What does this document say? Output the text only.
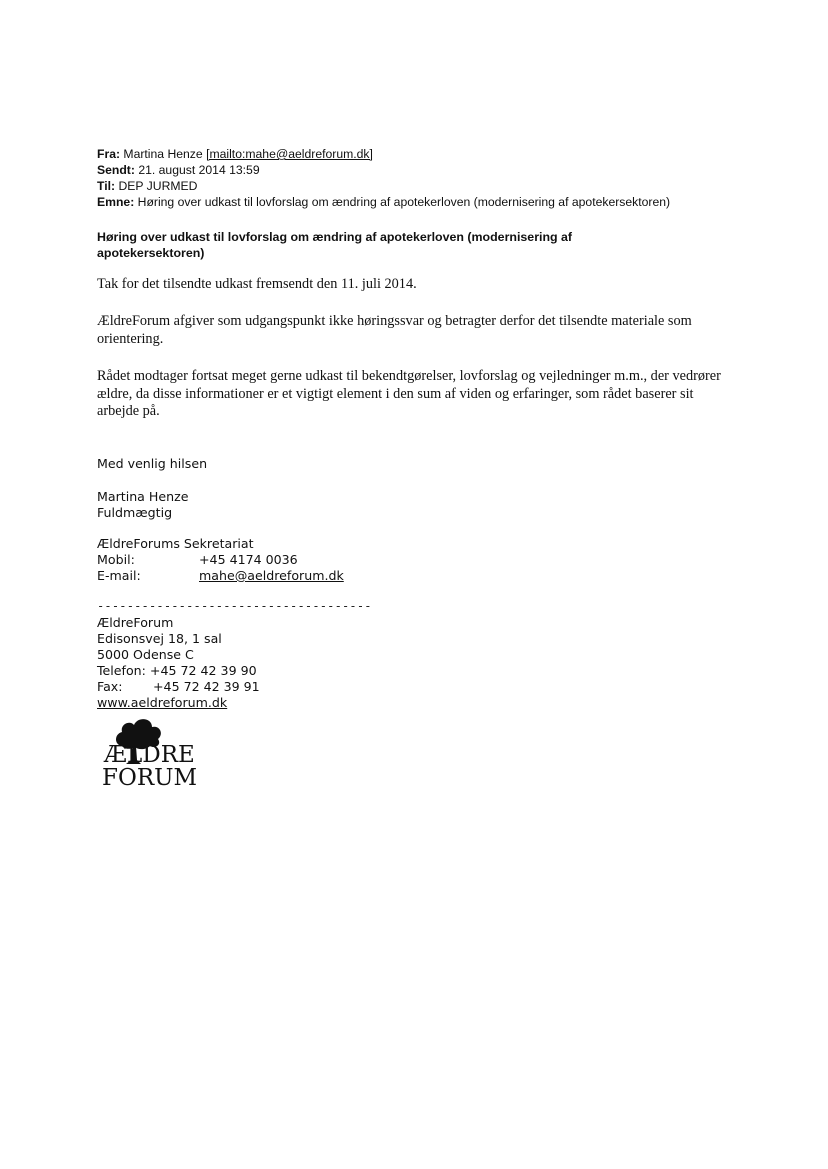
Fra: Martina Henze [mailto:mahe@aeldreforum.dk]
Sendt: 21. august 2014 13:59
Til: DEP JURMED
Emne: Høring over udkast til lovforslag om ændring af apotekerloven (modernisering af apotekersektoren)
Høring over udkast til lovforslag om ændring af apotekerloven (modernisering af apotekersektoren)
Tak for det tilsendte udkast fremsendt den 11. juli 2014.
ÆldreForum afgiver som udgangspunkt ikke høringssvar og betragter derfor det tilsendte materiale som orientering.
Rådet modtager fortsat meget gerne udkast til bekendtgørelser, lovforslag og vejledninger m.m., der vedrører ældre, da disse informationer er et vigtigt element i den sum af viden og erfaringer, som rådet baserer sit arbejde på.
Med venlig hilsen
Martina Henze
Fuldmægtig
ÆldreForums Sekretariat
Mobil:	+45 4174 0036
E-mail:	mahe@aeldreforum.dk
-------------------------------------
ÆldreForum
Edisonsvej 18, 1 sal
5000 Odense C
Telefon: +45 72 42 39 90
Fax:	+45 72 42 39 91
www.aeldreforum.dk
ÆLDRE
FORUM
